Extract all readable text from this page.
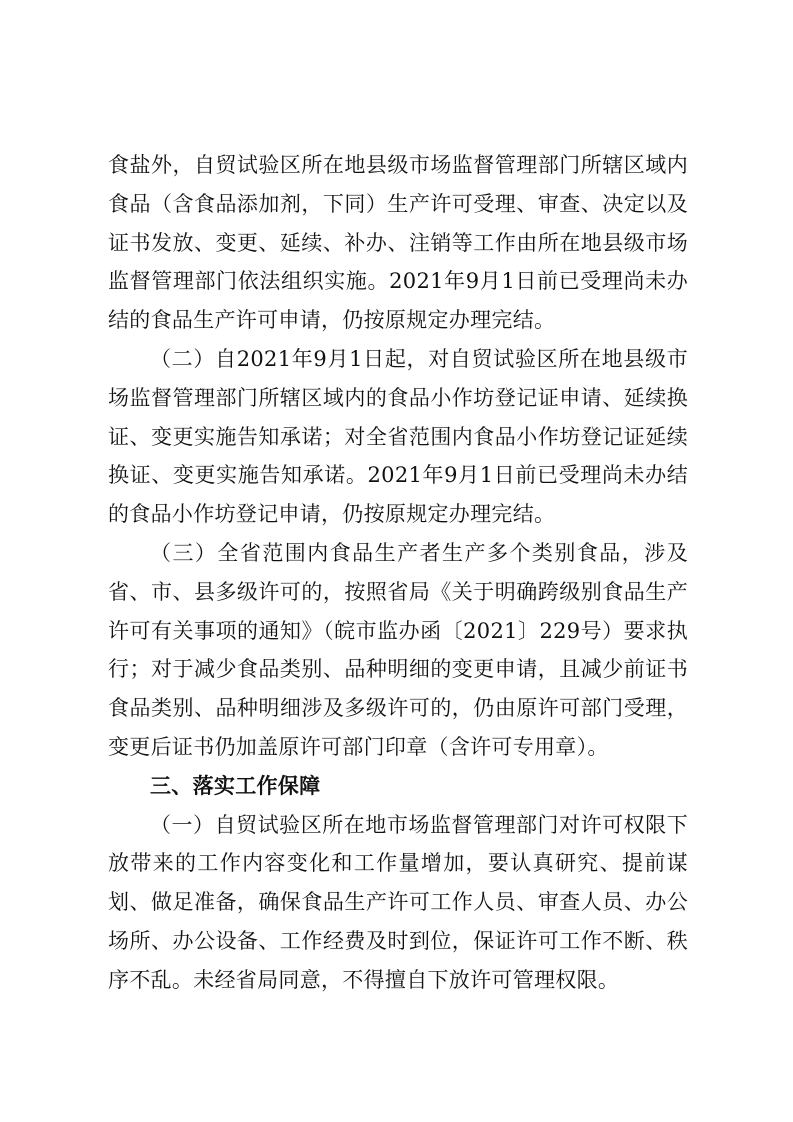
食盐外，自贸试验区所在地县级市场监督管理部门所辖区域内食品（含食品添加剂，下同）生产许可受理、审查、决定以及证书发放、变更、延续、补办、注销等工作由所在地县级市场监督管理部门依法组织实施。2021年9月1日前已受理尚未办结的食品生产许可申请，仍按原规定办理完结。

（二）自2021年9月1日起，对自贸试验区所在地县级市场监督管理部门所辖区域内的食品小作坊登记证申请、延续换证、变更实施告知承诺；对全省范围内食品小作坊登记证延续换证、变更实施告知承诺。2021年9月1日前已受理尚未办结的食品小作坊登记申请，仍按原规定办理完结。

（三）全省范围内食品生产者生产多个类别食品，涉及省、市、县多级许可的，按照省局《关于明确跨级别食品生产许可有关事项的通知》（皖市监办函〔2021〕229号）要求执行；对于减少食品类别、品种明细的变更申请，且减少前证书食品类别、品种明细涉及多级许可的，仍由原许可部门受理，变更后证书仍加盖原许可部门印章（含许可专用章）。

三、落实工作保障

（一）自贸试验区所在地市场监督管理部门对许可权限下放带来的工作内容变化和工作量增加，要认真研究、提前谋划、做足准备，确保食品生产许可工作人员、审查人员、办公场所、办公设备、工作经费及时到位，保证许可工作不断、秩序不乱。未经省局同意，不得擅自下放许可管理权限。
